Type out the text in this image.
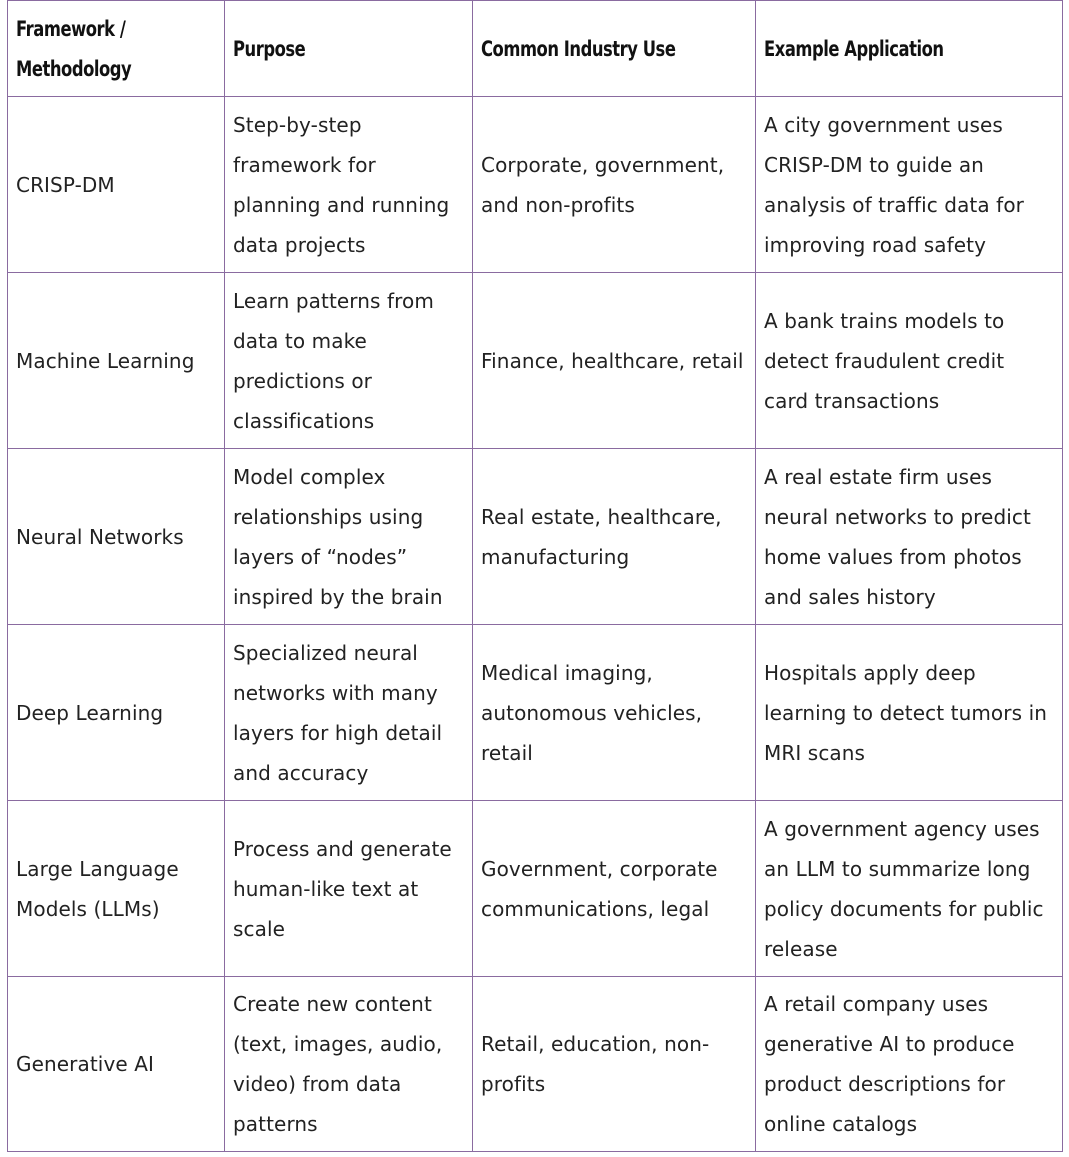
Framework /
Methodology	Purpose	Common Industry Use	Example Application
CRISP-DM	Step-by-step framework for planning and running data projects	Corporate, government, and non-profits	A city government uses CRISP-DM to guide an analysis of traffic data for improving road safety
Machine Learning	Learn patterns from data to make predictions or classifications	Finance, healthcare, retail	A bank trains models to detect fraudulent credit card transactions
Neural Networks	Model complex relationships using layers of “nodes” inspired by the brain	Real estate, healthcare, manufacturing	A real estate firm uses neural networks to predict home values from photos and sales history
Deep Learning	Specialized neural networks with many layers for high detail and accuracy	Medical imaging, autonomous vehicles, retail	Hospitals apply deep learning to detect tumors in MRI scans
Large Language Models (LLMs)	Process and generate human-like text at scale	Government, corporate communications, legal	A government agency uses an LLM to summarize long policy documents for public release
Generative AI	Create new content (text, images, audio, video) from data patterns	Retail, education, non-profits	A retail company uses generative AI to produce product descriptions for online catalogs
